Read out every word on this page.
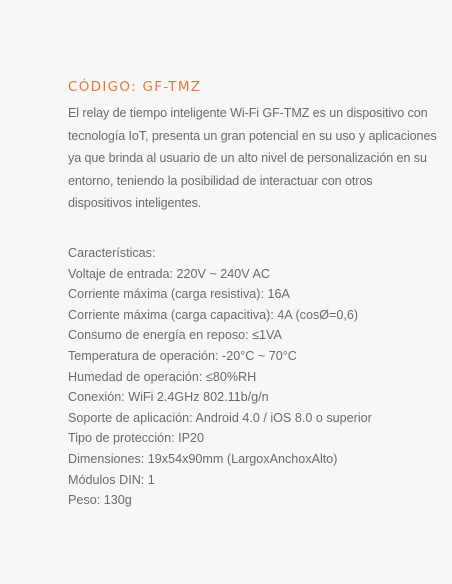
CÓDIGO: GF-TMZ

El relay de tiempo inteligente Wi-Fi GF-TMZ es un dispositivo con tecnología IoT, presenta un gran potencial en su uso y aplicaciones ya que brinda al usuario de un alto nivel de personalización en su entorno, teniendo la posibilidad de interactuar con otros dispositivos inteligentes.

Características:
Voltaje de entrada: 220V ~ 240V AC
Corriente máxima (carga resistiva): 16A
Corriente máxima (carga capacitiva): 4A (cosØ=0,6)
Consumo de energía en reposo: ≤1VA
Temperatura de operación: -20°C ~ 70°C
Humedad de operación: ≤80%RH
Conexión: WiFi 2.4GHz 802.11b/g/n
Soporte de aplicación: Android 4.0 / iOS 8.0 o superior
Tipo de protección: IP20
Dimensiones: 19x54x90mm (LargoxAnchoxAlto)
Módulos DIN: 1
Peso: 130g
